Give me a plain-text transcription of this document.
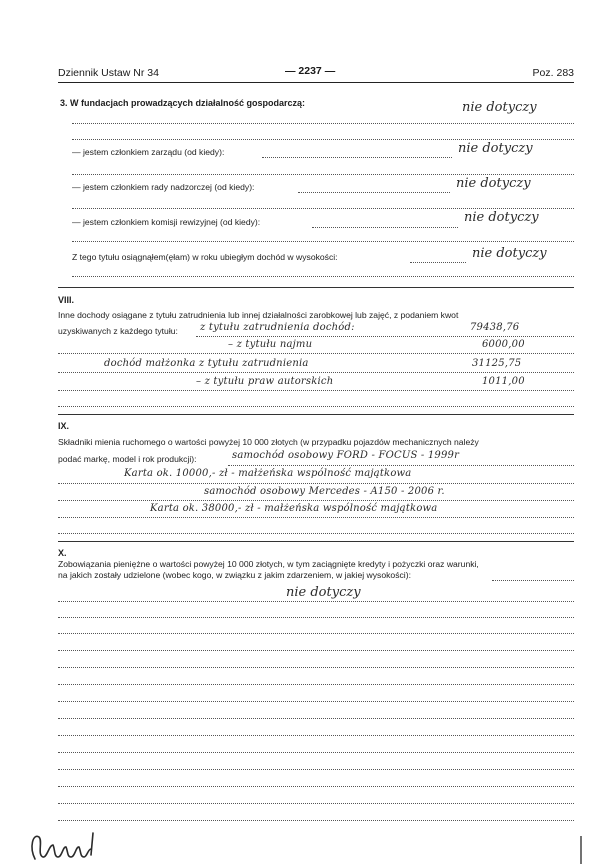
Dziennik Ustaw Nr 34	— 2237 —	Poz. 283
3. W fundacjach prowadzących działalność gospodarczą:	nie dotyczy
— jestem członkiem zarządu (od kiedy):	nie dotyczy
— jestem członkiem rady nadzorczej (od kiedy):	nie dotyczy
— jestem członkiem komisji rewizyjnej (od kiedy):	nie dotyczy
Z tego tytułu osiągnąłem(ęłam) w roku ubiegłym dochód w wysokości:	nie dotyczy
VIII.
Inne dochody osiągane z tytułu zatrudnienia lub innej działalności zarobkowej lub zajęć, z podaniem kwot
uzyskiwanych z każdego tytułu: z tytułu zatrudnienia dochód:	79438,76
– z tytułu najmu	6000,00
dochód małżonka z tytułu zatrudnienia	31125,75
– z tytułu praw autorskich	1011,00
IX.
Składniki mienia ruchomego o wartości powyżej 10 000 złotych (w przypadku pojazdów mechanicznych należy
podać markę, model i rok produkcji):	samochód osobowy FORD - FOCUS - 1999r
Karta ok. 10000,- zł - małżeńska wspólność majątkowa
samochód osobowy Mercedes - A150 - 2006 r.
Karta ok. 38000,- zł - małżeńska wspólność majątkowa
X.
Zobowiązania pieniężne o wartości powyżej 10 000 złotych, w tym zaciągnięte kredyty i pożyczki oraz warunki,
na jakich zostały udzielone (wobec kogo, w związku z jakim zdarzeniem, w jakiej wysokości):
nie dotyczy
